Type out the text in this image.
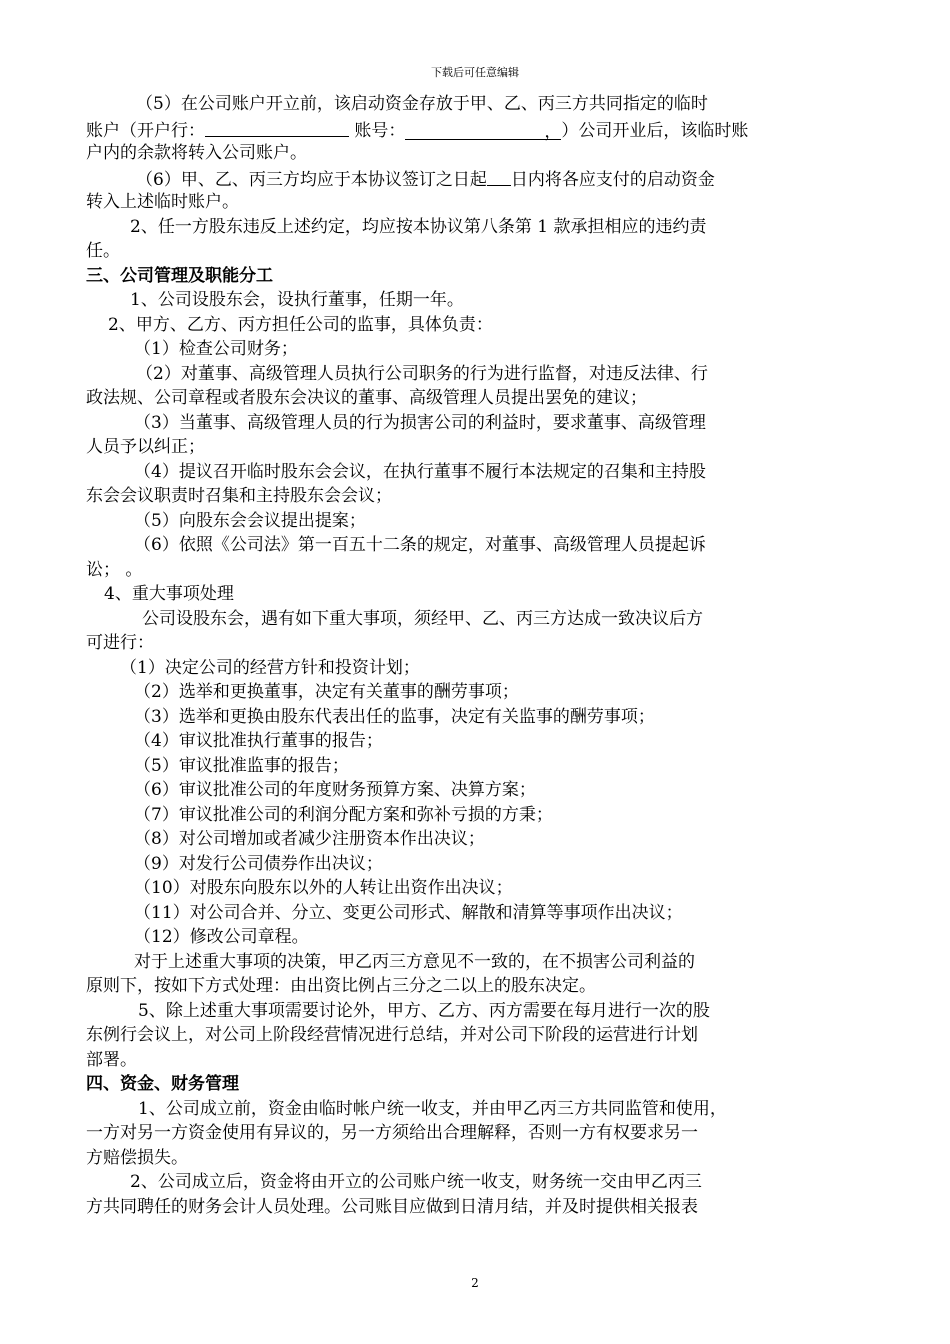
下载后可任意编辑
（5）在公司账户开立前，该启动资金存放于甲、乙、丙三方共同指定的临时
账户（开户行：	账号：	，）公司开业后，该临时账
户内的余款将转入公司账户。
（6）甲、乙、丙三方均应于本协议签订之日起 日内将各应支付的启动资金
转入上述临时账户。
2、任一方股东违反上述约定，均应按本协议第八条第 1 款承担相应的违约责
任。
三、公司管理及职能分工
1、公司设股东会，设执行董事，任期一年。
2、甲方、乙方、丙方担任公司的监事，具体负责：
（1）检查公司财务；
（2）对董事、高级管理人员执行公司职务的行为进行监督，对违反法律、行
政法规、公司章程或者股东会决议的董事、高级管理人员提出罢免的建议；
（3）当董事、高级管理人员的行为损害公司的利益时，要求董事、高级管理
人员予以纠正；
（4）提议召开临时股东会会议，在执行董事不履行本法规定的召集和主持股
东会会议职责时召集和主持股东会会议；
（5）向股东会会议提出提案；
（6）依照《公司法》第一百五十二条的规定，对董事、高级管理人员提起诉
讼； 。
4、重大事项处理
公司设股东会，遇有如下重大事项，须经甲、乙、丙三方达成一致决议后方
可进行：
（1）决定公司的经营方针和投资计划；
（2）选举和更换董事，决定有关董事的酬劳事项；
（3）选举和更换由股东代表出任的监事，决定有关监事的酬劳事项；
（4）审议批准执行董事的报告；
（5）审议批准监事的报告；
（6）审议批准公司的年度财务预算方案、决算方案；
（7）审议批准公司的利润分配方案和弥补亏损的方秉；
（8）对公司增加或者减少注册资本作出决议；
（9）对发行公司债券作出决议；
（10）对股东向股东以外的人转让出资作出决议；
（11）对公司合并、分立、变更公司形式、解散和清算等事项作出决议；
（12）修改公司章程。
对于上述重大事项的决策，甲乙丙三方意见不一致的，在不损害公司利益的
原则下，按如下方式处理：由出资比例占三分之二以上的股东决定。
5、除上述重大事项需要讨论外，甲方、乙方、丙方需要在每月进行一次的股
东例行会议上，对公司上阶段经营情况进行总结，并对公司下阶段的运营进行计划
部署。
四、资金、财务管理
1、公司成立前，资金由临时帐户统一收支，并由甲乙丙三方共同监管和使用，
一方对另一方资金使用有异议的，另一方须给出合理解释，否则一方有权要求另一
方赔偿损失。
2、公司成立后，资金将由开立的公司账户统一收支，财务统一交由甲乙丙三
方共同聘任的财务会计人员处理。公司账目应做到日清月结，并及时提供相关报表
2
